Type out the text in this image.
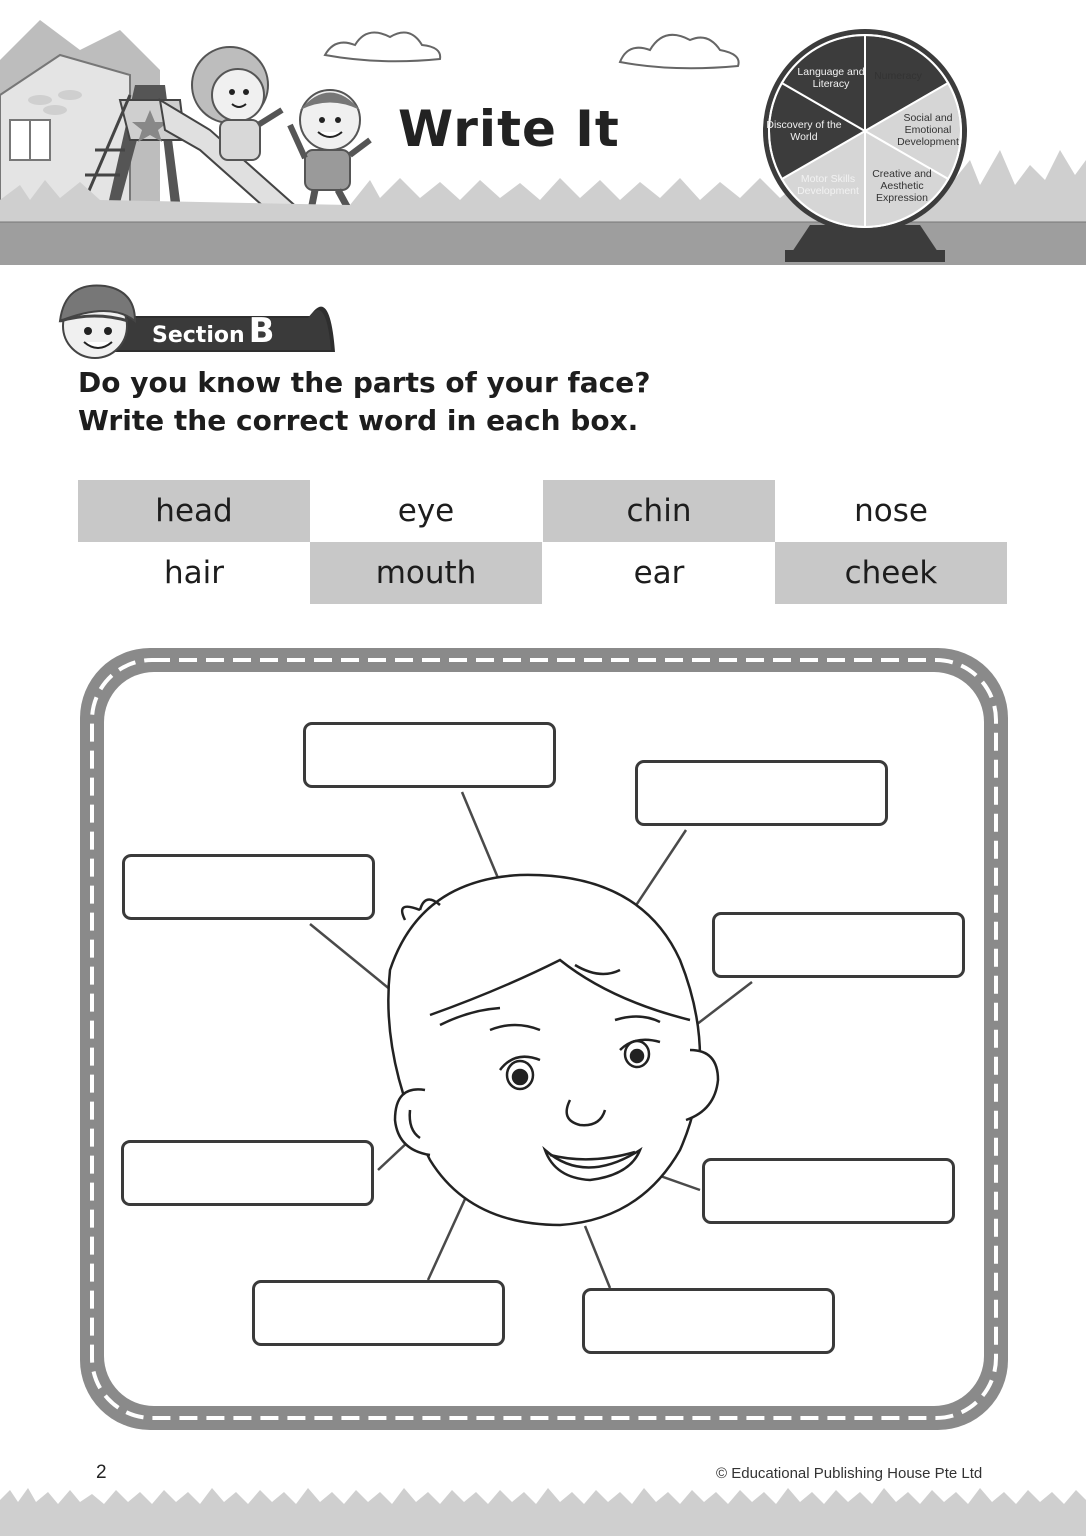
Language and Literacy
Numeracy
Social and Emotional Development
Creative and Aesthetic Expression
Motor Skills Development
Discovery of the World
Write It
Section B
Do you know the parts of your face?
Write the correct word in each box.
head	eye	chin	nose
hair	mouth	ear	cheek
2	© Educational Publishing House Pte Ltd
